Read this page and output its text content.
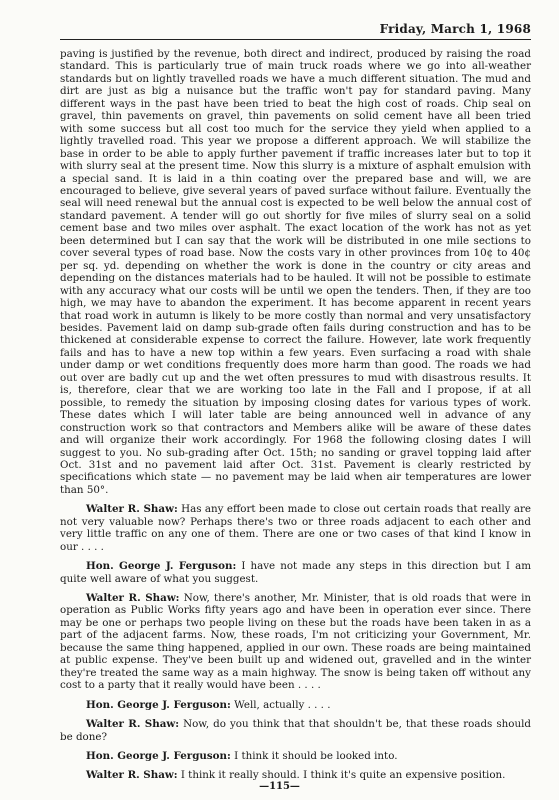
Friday, March 1, 1968

paving is justified by the revenue, both direct and indirect, produced by raising the road standard. This is particularly true of main truck roads where we go into all-weather standards but on lightly travelled roads we have a much different situation. The mud and dirt are just as big a nuisance but the traffic won't pay for standard paving. Many different ways in the past have been tried to beat the high cost of roads. Chip seal on gravel, thin pavements on gravel, thin pavements on solid cement have all been tried with some success but all cost too much for the service they yield when applied to a lightly travelled road. This year we propose a different approach. We will stabilize the base in order to be able to apply further pavement if traffic increases later but to top it with slurry seal at the present time. Now this slurry is a mixture of asphalt emulsion with a special sand. It is laid in a thin coating over the prepared base and will, we are encouraged to believe, give several years of paved surface without failure. Eventually the seal will need renewal but the annual cost is expected to be well below the annual cost of standard pavement. A tender will go out shortly for five miles of slurry seal on a solid cement base and two miles over asphalt. The exact location of the work has not as yet been determined but I can say that the work will be distributed in one mile sections to cover several types of road base. Now the costs vary in other provinces from 10¢ to 40¢ per sq. yd. depending on whether the work is done in the country or city areas and depending on the distances materials had to be hauled. It will not be possible to estimate with any accuracy what our costs will be until we open the tenders. Then, if they are too high, we may have to abandon the experiment. It has become apparent in recent years that road work in autumn is likely to be more costly than normal and very unsatisfactory besides. Pavement laid on damp sub-grade often fails during construction and has to be thickened at considerable expense to correct the failure. However, late work frequently fails and has to have a new top within a few years. Even surfacing a road with shale under damp or wet conditions frequently does more harm than good. The roads we had out over are badly cut up and the wet often pressures to mud with disastrous results. It is, therefore, clear that we are working too late in the Fall and I propose, if at all possible, to remedy the situation by imposing closing dates for various types of work. These dates which I will later table are being announced well in advance of any construction work so that contractors and Members alike will be aware of these dates and will organize their work accordingly. For 1968 the following closing dates I will suggest to you. No sub-grading after Oct. 15th; no sanding or gravel topping laid after Oct. 31st and no pavement laid after Oct. 31st. Pavement is clearly restricted by specifications which state — no pavement may be laid when air temperatures are lower than 50°.

Walter R. Shaw: Has any effort been made to close out certain roads that really are not very valuable now? Perhaps there's two or three roads adjacent to each other and very little traffic on any one of them. There are one or two cases of that kind I know in our . . . .

Hon. George J. Ferguson: I have not made any steps in this direction but I am quite well aware of what you suggest.

Walter R. Shaw: Now, there's another, Mr. Minister, that is old roads that were in operation as Public Works fifty years ago and have been in operation ever since. There may be one or perhaps two people living on these but the roads have been taken in as a part of the adjacent farms. Now, these roads, I'm not criticizing your Government, Mr. because the same thing happened, applied in our own. These roads are being maintained at public expense. They've been built up and widened out, gravelled and in the winter they're treated the same way as a main highway. The snow is being taken off without any cost to a party that it really would have been . . . .

Hon. George J. Ferguson: Well, actually . . . .

Walter R. Shaw: Now, do you think that that shouldn't be, that these roads should be done?

Hon. George J. Ferguson: I think it should be looked into.

Walter R. Shaw: I think it really should. I think it's quite an expensive position.

—115—
